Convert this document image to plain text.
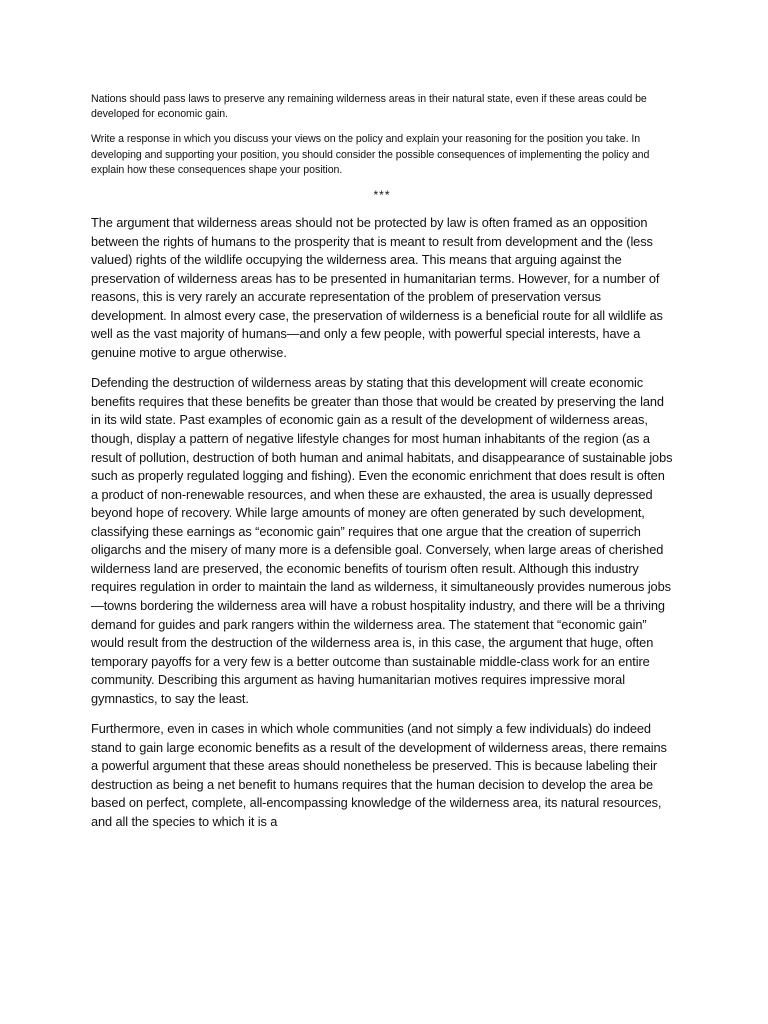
Nations should pass laws to preserve any remaining wilderness areas in their natural state, even if these areas could be developed for economic gain.

Write a response in which you discuss your views on the policy and explain your reasoning for the position you take. In developing and supporting your position, you should consider the possible consequences of implementing the policy and explain how these consequences shape your position.

***

The argument that wilderness areas should not be protected by law is often framed as an opposition between the rights of humans to the prosperity that is meant to result from development and the (less valued) rights of the wildlife occupying the wilderness area. This means that arguing against the preservation of wilderness areas has to be presented in humanitarian terms. However, for a number of reasons, this is very rarely an accurate representation of the problem of preservation versus development. In almost every case, the preservation of wilderness is a beneficial route for all wildlife as well as the vast majority of humans—and only a few people, with powerful special interests, have a genuine motive to argue otherwise.

Defending the destruction of wilderness areas by stating that this development will create economic benefits requires that these benefits be greater than those that would be created by preserving the land in its wild state. Past examples of economic gain as a result of the development of wilderness areas, though, display a pattern of negative lifestyle changes for most human inhabitants of the region (as a result of pollution, destruction of both human and animal habitats, and disappearance of sustainable jobs such as properly regulated logging and fishing). Even the economic enrichment that does result is often a product of non-renewable resources, and when these are exhausted, the area is usually depressed beyond hope of recovery. While large amounts of money are often generated by such development, classifying these earnings as “economic gain” requires that one argue that the creation of superrich oligarchs and the misery of many more is a defensible goal. Conversely, when large areas of cherished wilderness land are preserved, the economic benefits of tourism often result. Although this industry requires regulation in order to maintain the land as wilderness, it simultaneously provides numerous jobs—towns bordering the wilderness area will have a robust hospitality industry, and there will be a thriving demand for guides and park rangers within the wilderness area. The statement that “economic gain” would result from the destruction of the wilderness area is, in this case, the argument that huge, often temporary payoffs for a very few is a better outcome than sustainable middle-class work for an entire community. Describing this argument as having humanitarian motives requires impressive moral gymnastics, to say the least.

Furthermore, even in cases in which whole communities (and not simply a few individuals) do indeed stand to gain large economic benefits as a result of the development of wilderness areas, there remains a powerful argument that these areas should nonetheless be preserved. This is because labeling their destruction as being a net benefit to humans requires that the human decision to develop the area be based on perfect, complete, all-encompassing knowledge of the wilderness area, its natural resources, and all the species to which it is a
